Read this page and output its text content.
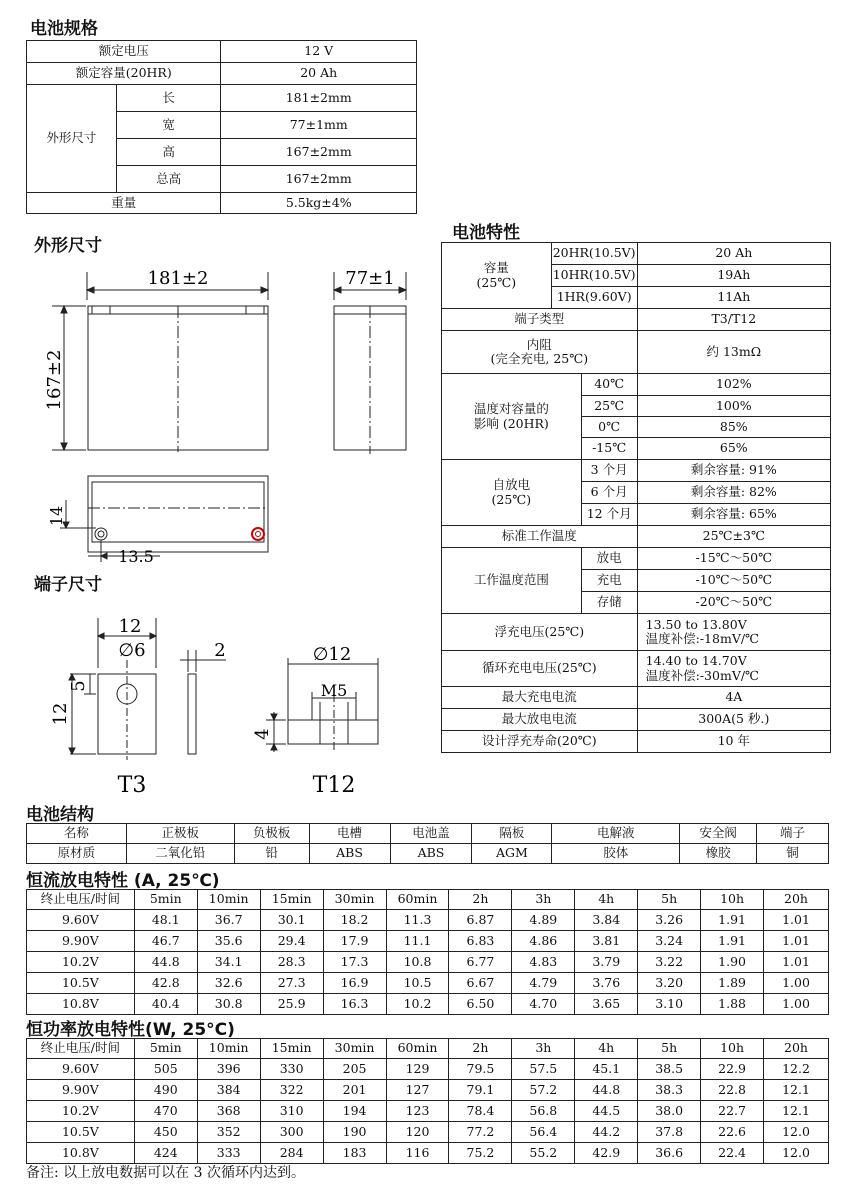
电池规格
额定电压		12 V
额定容量(20HR)		20 Ah
外形尺寸	长	181±2mm
	宽	77±1mm
	高	167±2mm
	总高	167±2mm
重量		5.5kg±4%
外形尺寸
181±2
167±2
77±1
14
13.5
端子尺寸
12
∅6	2
12
5
T3
∅12
M5
4
T12
电池特性
容量
(25℃)	20HR(10.5V)		20 Ah
	10HR(10.5V)		19Ah
	1HR(9.60V)		11Ah
端子类型			T3/T12
内阻
(完全充电, 25℃)			约 13mΩ
温度对容量的
影响 (20HR)		40℃	102%
		25℃	100%
		0℃	85%
		-15℃	65%
自放电
(25℃)		3 个月	剩余容量: 91%
		6 个月	剩余容量: 82%
		12 个月	剩余容量: 65%
标准工作温度			25℃±3℃
工作温度范围		放电	-15℃～50℃
		充电	-10℃～50℃
		存储	-20℃～50℃
浮充电压(25℃)			13.50 to 13.80V
温度补偿:-18mV/℃
循环充电电压(25℃)			14.40 to 14.70V
温度补偿:-30mV/℃
最大充电电流			4A
最大放电电流			300A(5 秒.)
设计浮充寿命(20℃)			10 年
电池结构
名称	正极板	负极板	电槽	电池盖	隔板	电解液	安全阀	端子
原材质	二氧化铅	铅	ABS	ABS	AGM	胶体	橡胶	铜
恒流放电特性 (A, 25℃)
终止电压/时间	5min	10min	15min	30min	60min	2h	3h	4h	5h	10h	20h
9.60V	48.1	36.7	30.1	18.2	11.3	6.87	4.89	3.84	3.26	1.91	1.01
9.90V	46.7	35.6	29.4	17.9	11.1	6.83	4.86	3.81	3.24	1.91	1.01
10.2V	44.8	34.1	28.3	17.3	10.8	6.77	4.83	3.79	3.22	1.90	1.01
10.5V	42.8	32.6	27.3	16.9	10.5	6.67	4.79	3.76	3.20	1.89	1.00
10.8V	40.4	30.8	25.9	16.3	10.2	6.50	4.70	3.65	3.10	1.88	1.00
恒功率放电特性(W, 25°C)
终止电压/时间	5min	10min	15min	30min	60min	2h	3h	4h	5h	10h	20h
9.60V	505	396	330	205	129	79.5	57.5	45.1	38.5	22.9	12.2
9.90V	490	384	322	201	127	79.1	57.2	44.8	38.3	22.8	12.1
10.2V	470	368	310	194	123	78.4	56.8	44.5	38.0	22.7	12.1
10.5V	450	352	300	190	120	77.2	56.4	44.2	37.8	22.6	12.0
10.8V	424	333	284	183	116	75.2	55.2	42.9	36.6	22.4	12.0
备注: 以上放电数据可以在 3 次循环内达到。
